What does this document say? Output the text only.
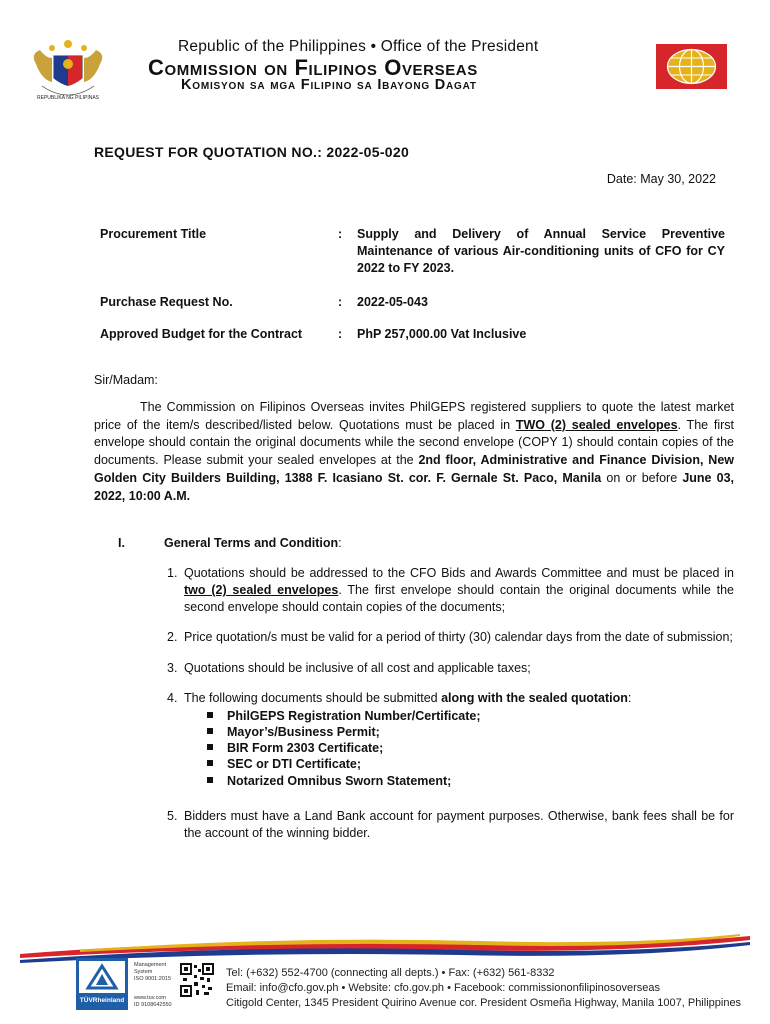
REPUBLIKA NG PILIPINAS
Republic of the Philippines • Office of the President
Commission on Filipinos Overseas
Komisyon sa mga Filipino sa Ibayong Dagat
REQUEST FOR QUOTATION NO.: 2022-05-020
Date: May 30, 2022
Procurement Title	: Supply and Delivery of Annual Service Preventive Maintenance of various Air-conditioning units of CFO for CY 2022 to FY 2023.
Purchase Request No.	: 2022-05-043
Approved Budget for the Contract	: PhP 257,000.00 Vat Inclusive
Sir/Madam:
The Commission on Filipinos Overseas invites PhilGEPS registered suppliers to quote the latest market price of the item/s described/listed below. Quotations must be placed in TWO (2) sealed envelopes. The first envelope should contain the original documents while the second envelope (COPY 1) should contain copies of the documents. Please submit your sealed envelopes at the 2nd floor, Administrative and Finance Division, New Golden City Builders Building, 1388 F. Icasiano St. cor. F. Gernale St. Paco, Manila on or before June 03, 2022, 10:00 A.M.
I.	General Terms and Condition:
1. Quotations should be addressed to the CFO Bids and Awards Committee and must be placed in two (2) sealed envelopes. The first envelope should contain the original documents while the second envelope should contain copies of the documents;
2. Price quotation/s must be valid for a period of thirty (30) calendar days from the date of submission;
3. Quotations should be inclusive of all cost and applicable taxes;
4. The following documents should be submitted along with the sealed quotation:
PhilGEPS Registration Number/Certificate;
Mayor’s/Business Permit;
BIR Form 2303 Certificate;
SEC or DTI Certificate;
Notarized Omnibus Sworn Statement;
5. Bidders must have a Land Bank account for payment purposes. Otherwise, bank fees shall be for the account of the winning bidder.
TÜVRheinland
Management
System
ISO 9001:2015
www.tuv.com
ID 9108642550
Tel: (+632) 552-4700 (connecting all depts.) • Fax: (+632) 561-8332
Email: info@cfo.gov.ph • Website: cfo.gov.ph • Facebook: commissiononfilipinosoverseas
Citigold Center, 1345 President Quirino Avenue cor. President Osmeña Highway, Manila 1007, Philippines
